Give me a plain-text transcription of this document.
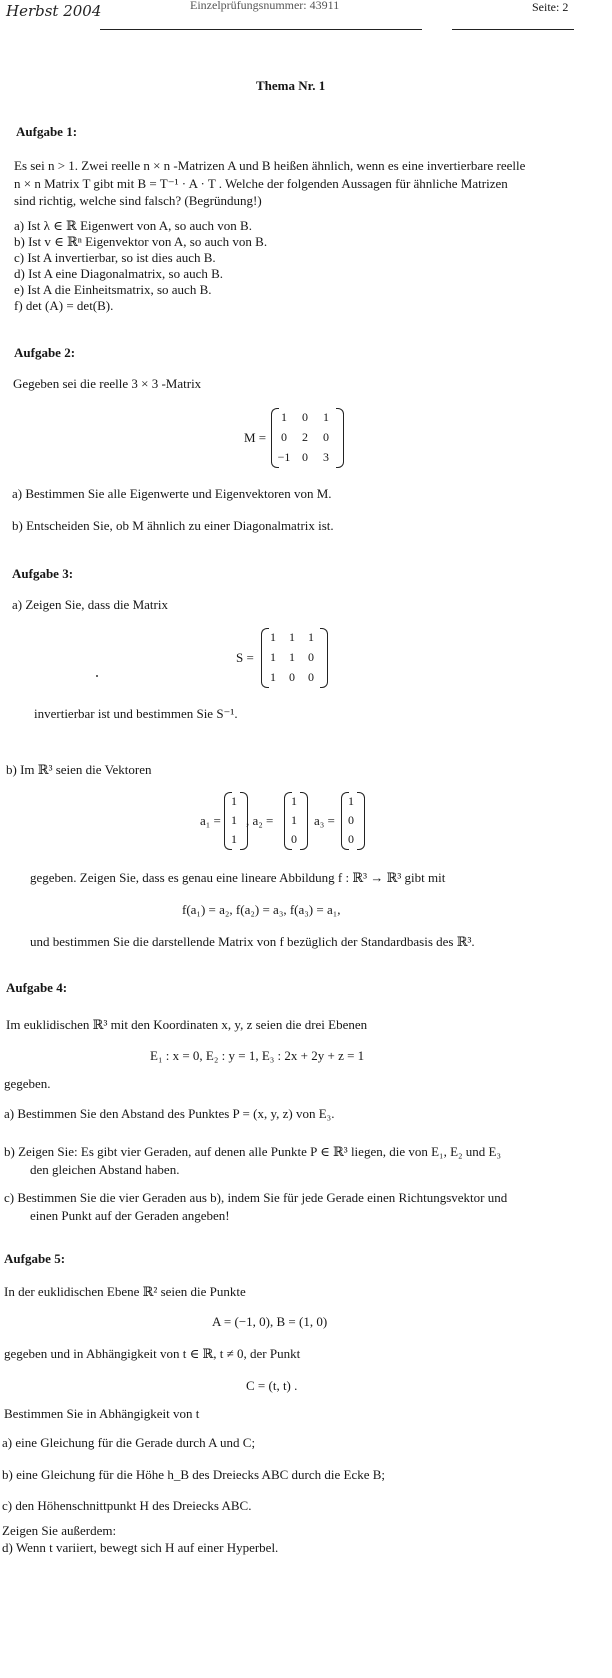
Herbst 2004	Einzelprüfungsnummer: 43911	Seite: 2
Thema Nr. 1
Aufgabe 1:
Es sei n > 1. Zwei reelle n × n -Matrizen A und B heißen ähnlich, wenn es eine invertierbare reelle
n × n Matrix T gibt mit B = T⁻¹ · A · T . Welche der folgenden Aussagen für ähnliche Matrizen
sind richtig, welche sind falsch? (Begründung!)
a) Ist λ ∈ ℝ Eigenwert von A, so auch von B.
b) Ist v ∈ ℝⁿ Eigenvektor von A, so auch von B.
c) Ist A invertierbar, so ist dies auch B.
d) Ist A eine Diagonalmatrix, so auch B.
e) Ist A die Einheitsmatrix, so auch B.
f) det (A) = det(B).
Aufgabe 2:
Gegeben sei die reelle 3 × 3 -Matrix
M =
1	0	1
0	2	0
−1 0	3
a) Bestimmen Sie alle Eigenwerte und Eigenvektoren von M.
b) Entscheiden Sie, ob M ähnlich zu einer Diagonalmatrix ist.
Aufgabe 3:
a) Zeigen Sie, dass die Matrix
S =
1	1	1
1	1	0
1	0	0
invertierbar ist und bestimmen Sie S⁻¹.
b) Im ℝ³ seien die Vektoren
a₁ =
1
1
1
, a₂ =
1
1
0
a₃ =
1
0
0
gegeben. Zeigen Sie, dass es genau eine lineare Abbildung f : ℝ³ → ℝ³ gibt mit
f(a₁) = a₂, f(a₂) = a₃, f(a₃) = a₁,
und bestimmen Sie die darstellende Matrix von f bezüglich der Standardbasis des ℝ³.
Aufgabe 4:
Im euklidischen ℝ³ mit den Koordinaten x, y, z seien die drei Ebenen
E₁ : x = 0, E₂ : y = 1, E₃ : 2x + 2y + z = 1
gegeben.
a) Bestimmen Sie den Abstand des Punktes P = (x, y, z) von E₃.
b) Zeigen Sie: Es gibt vier Geraden, auf denen alle Punkte P ∈ ℝ³ liegen, die von E₁, E₂ und E₃
den gleichen Abstand haben.
c) Bestimmen Sie die vier Geraden aus b), indem Sie für jede Gerade einen Richtungsvektor und
einen Punkt auf der Geraden angeben!
Aufgabe 5:
In der euklidischen Ebene ℝ² seien die Punkte
A = (−1, 0), B = (1, 0)
gegeben und in Abhängigkeit von t ∈ ℝ, t ≠ 0, der Punkt
C = (t, t) .
Bestimmen Sie in Abhängigkeit von t
a) eine Gleichung für die Gerade durch A und C;
b) eine Gleichung für die Höhe h_B des Dreiecks ABC durch die Ecke B;
c) den Höhenschnittpunkt H des Dreiecks ABC.
Zeigen Sie außerdem:
d) Wenn t variiert, bewegt sich H auf einer Hyperbel.
